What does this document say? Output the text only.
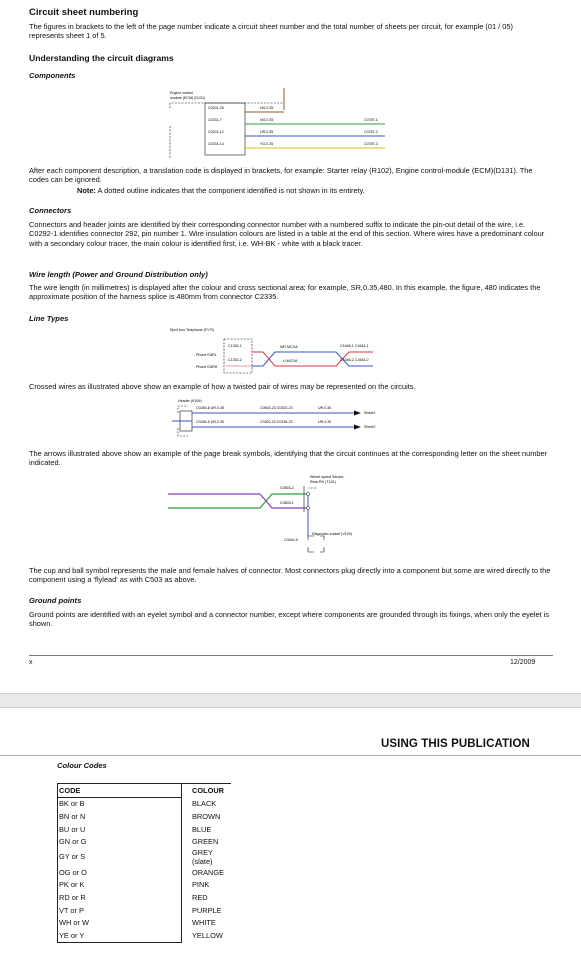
Circuit sheet numbering
The figures in brackets to the left of the page number indicate a circuit sheet number and the total number of sheets per circuit, for example (01 / 05) represents sheet 1 of 5.
Understanding the circuit diagrams
Components
Engine control
module (ECM) (D131)
C0331-26
C0331-7
C0331-12
C0331-14
NG,0.35
NG,0.35
UR,0.35
YG,0.35
C0787-1
C0787-2
C0787-3
After each component description, a translation code is displayed in brackets, for example: Starter relay (R102), Engine control-module (ECM)(D131). The codes can be ignored.
Note: A dotted outline indicates that the component identified is not shown in its entirety.
Connectors
Connectors and header joints are identified by their corresponding connector number with a numbered suffix to indicate the pin-out detail of the wire, i.e. C0292-1 identifies connector 292, pin number 1. Wire insulation colours are listed in a table at the end of this section. Where wires have a predominant colour with a secondary colour tracer, the main colour is identified first, i.e. WH-BK - white with a black tracer.
Wire length (Power and Ground Distribution only)
The wire length (in millimetres) is displayed after the colour and cross sectional area; for example, SR,0.35,480. In this example, the figure, 480 indicates the approximate position of the harness splice is 480mm from connector C2335.
Line Types
Eject box-Telephone (F170)
C1352-1
C1352-2
Phone EARL
Phone EARH
WR,MCGA
U,MCGA
C1646-1 C1644-1
C1646-2 C1644-2
Crossed wires as illustrated above show an example of how a twisted pair of wires may be represented on the circuits.
Header (K109)
C0284-6 UR,0.35	C0602-23 C0302-23	UR,0.35
C0284-5 UR,0.35	C0302-23 C0336-23	UR,0.35
Sheet2
Sheet2
The arrows illustrated above show an example of the page break symbols, identifying that the circuit continues at the corresponding letter on the sheet number indicated.
Wheel speed Sensor-
Rear-RH (T151)
C0803-2
C0803-1
Diagnostic socket (V100)
C0040-9
The cup and ball symbol represents the male and female halves of connector. Most connectors plug directly into a component but some are wired directly to the component using a 'flylead' as with C503 as above.
Ground points
Ground points are identified with an eyelet symbol and a connector number, except where components are grounded through its fixings, when only the eyelet is shown.
x	12/2009
USING THIS PUBLICATION
Colour Codes
CODE	COLOUR
BK or B	BLACK
BN or N	BROWN
BU or U	BLUE
GN or G	GREEN
GY or S	GREY (slate)
OG or O	ORANGE
PK or K	PINK
RD or R	RED
VT or P	PURPLE
WH or W	WHITE
YE or Y	YELLOW
